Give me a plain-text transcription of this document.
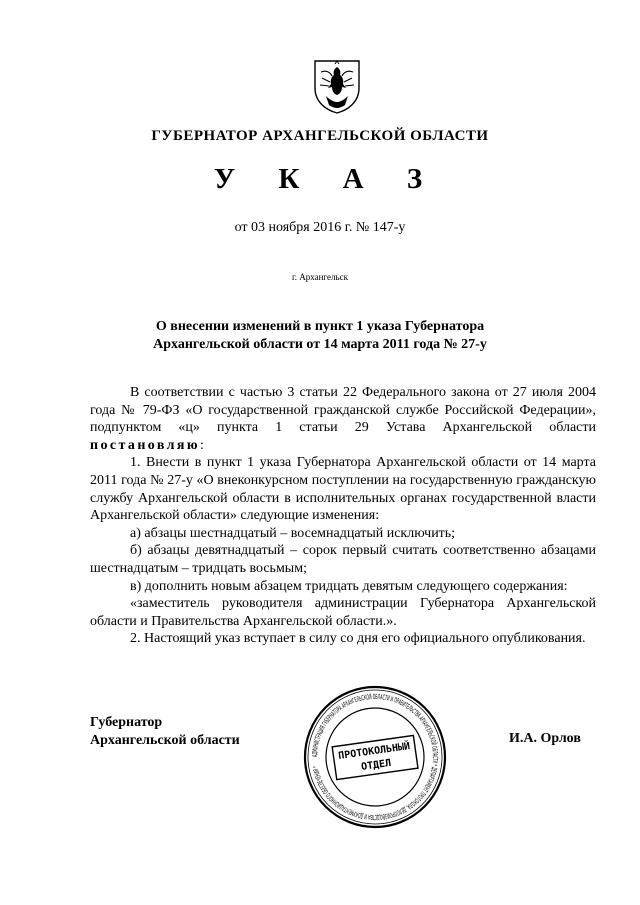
ГУБЕРНАТОР АРХАНГЕЛЬСКОЙ ОБЛАСТИ
У К А З
от 03 ноября 2016 г. № 147-у
г. Архангельск
О внесении изменений в пункт 1 указа Губернатора
Архангельской области от 14 марта 2011 года № 27-у

В соответствии с частью 3 статьи 22 Федерального закона от 27 июля 2004 года № 79-ФЗ «О государственной гражданской службе Российской Федерации», подпунктом «ц» пункта 1 статьи 29 Устава Архангельской области постановляю:

1. Внести в пункт 1 указа Губернатора Архангельской области от 14 марта 2011 года № 27-у «О внеконкурсном поступлении на государственную гражданскую службу Архангельской области в исполнительных органах государственной власти Архангельской области» следующие изменения:

а) абзацы шестнадцатый – восемнадцатый исключить;

б) абзацы девятнадцатый – сорок первый считать соответственно абзацами шестнадцатым – тридцать восьмым;

в) дополнить новым абзацем тридцать девятым следующего содержания:

«заместитель руководителя администрации Губернатора Архангельской области и Правительства Архангельской области.».

2. Настоящий указ вступает в силу со дня его официального опубликования.

Губернатор
Архангельской области	И.А. Орлов
АДМИНИСТРАЦИЯ ГУБЕРНАТОРА АРХАНГЕЛЬСКОЙ ОБЛАСТИ И ПРАВИТЕЛЬСТВА АРХАНГЕЛЬСКОЙ ОБЛАСТИ * ДЕПАРТАМЕНТ ПРОТОКОЛА, ДЕЛОПРОИЗВОДСТВА И ДОКУМЕНТАЦИОННОГО ОБЕСПЕЧЕНИЯ *
ПРОТОКОЛЬНЫЙ
ОТДЕЛ
